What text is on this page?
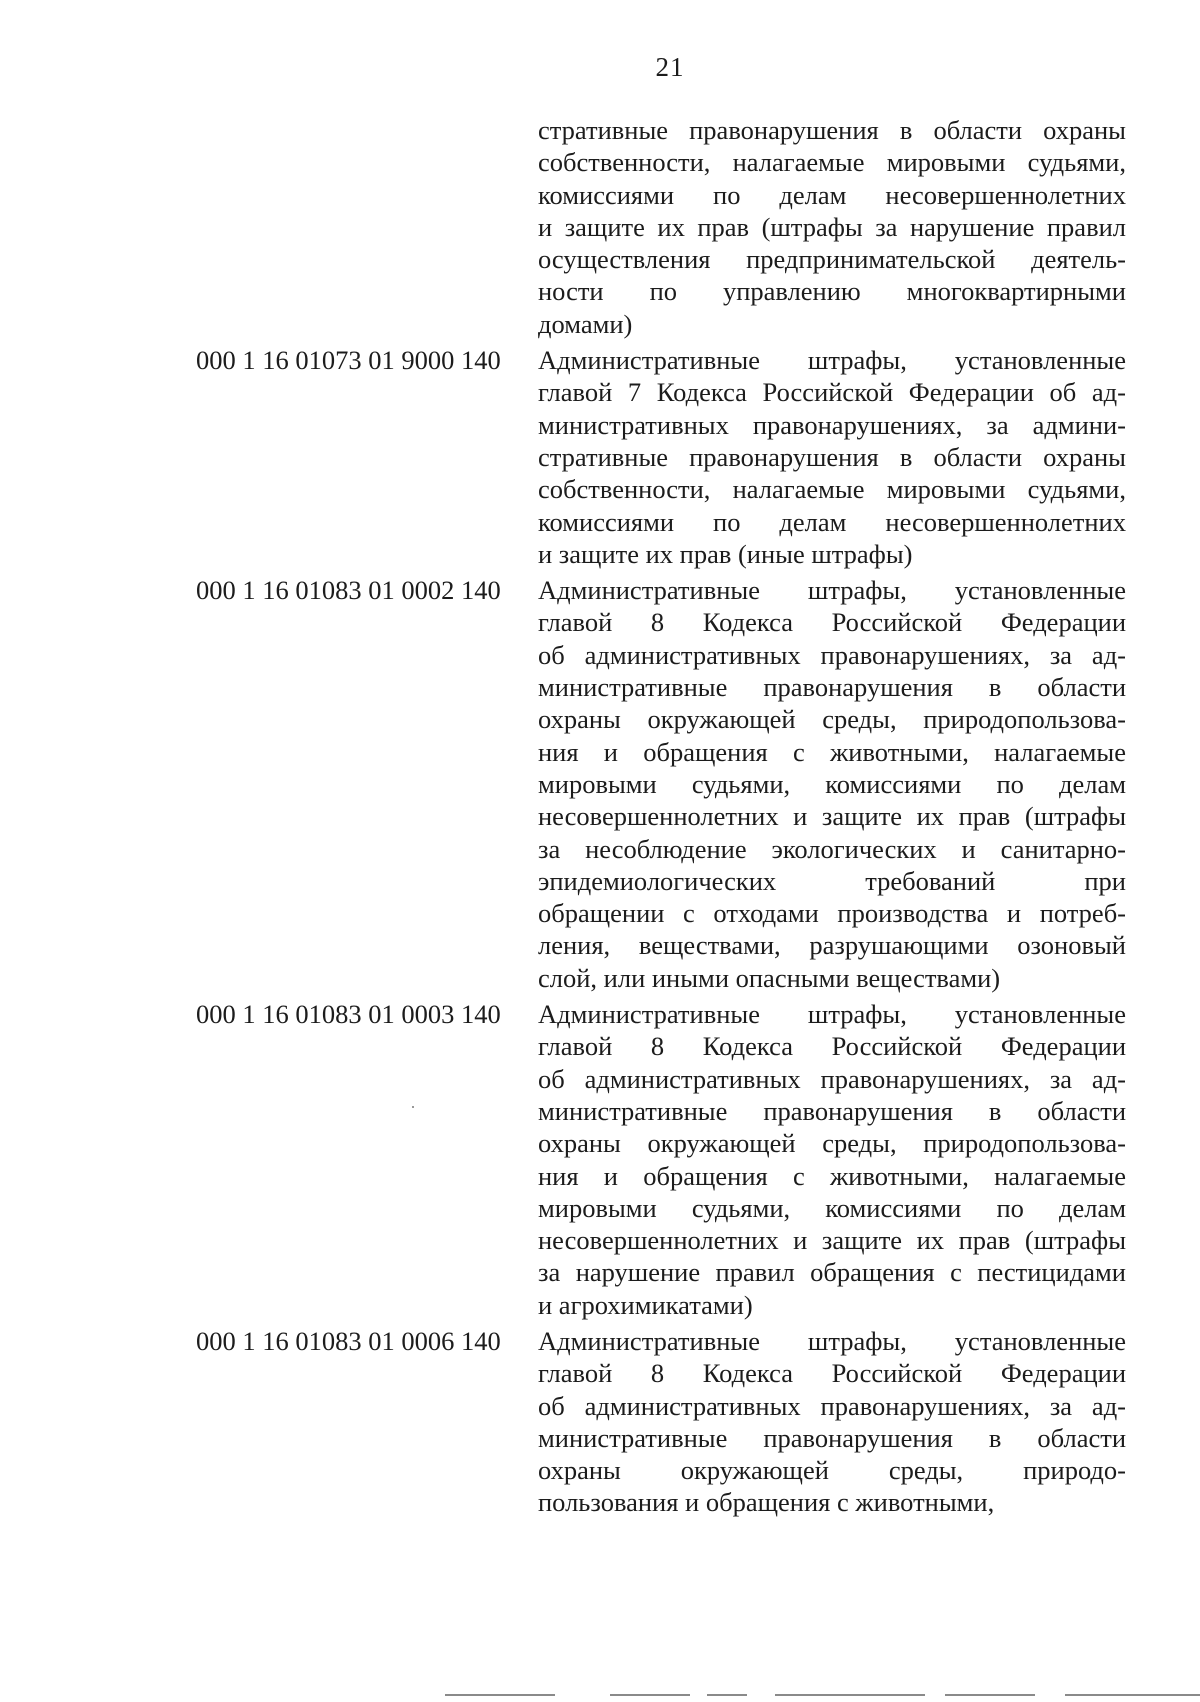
21
стративные правонарушения в области охраны
собственности, налагаемые мировыми судьями,
комиссиями по делам несовершеннолетних
и защите их прав (штрафы за нарушение правил
осуществления предпринимательской деятель-
ности по управлению многоквартирными
домами)
000 1 16 01073 01 9000 140 Административные штрафы, установленные
главой 7 Кодекса Российской Федерации об ад-
министративных правонарушениях, за админи-
стративные правонарушения в области охраны
собственности, налагаемые мировыми судьями,
комиссиями по делам несовершеннолетних
и защите их прав (иные штрафы)
000 1 16 01083 01 0002 140 Административные штрафы, установленные
главой 8 Кодекса Российской Федерации
об административных правонарушениях, за ад-
министративные правонарушения в области
охраны окружающей среды, природопользова-
ния и обращения с животными, налагаемые
мировыми судьями, комиссиями по делам
несовершеннолетних и защите их прав (штрафы
за несоблюдение экологических и санитарно-
эпидемиологических требований при
обращении с отходами производства и потреб-
ления, веществами, разрушающими озоновый
слой, или иными опасными веществами)
000 1 16 01083 01 0003 140 Административные штрафы, установленные
главой 8 Кодекса Российской Федерации
об административных правонарушениях, за ад-
министративные правонарушения в области
охраны окружающей среды, природопользова-
ния и обращения с животными, налагаемые
мировыми судьями, комиссиями по делам
несовершеннолетних и защите их прав (штрафы
за нарушение правил обращения с пестицидами
и агрохимикатами)
000 1 16 01083 01 0006 140 Административные штрафы, установленные
главой 8 Кодекса Российской Федерации
об административных правонарушениях, за ад-
министративные правонарушения в области
охраны окружающей среды, природо-
пользования и обращения с животными,
